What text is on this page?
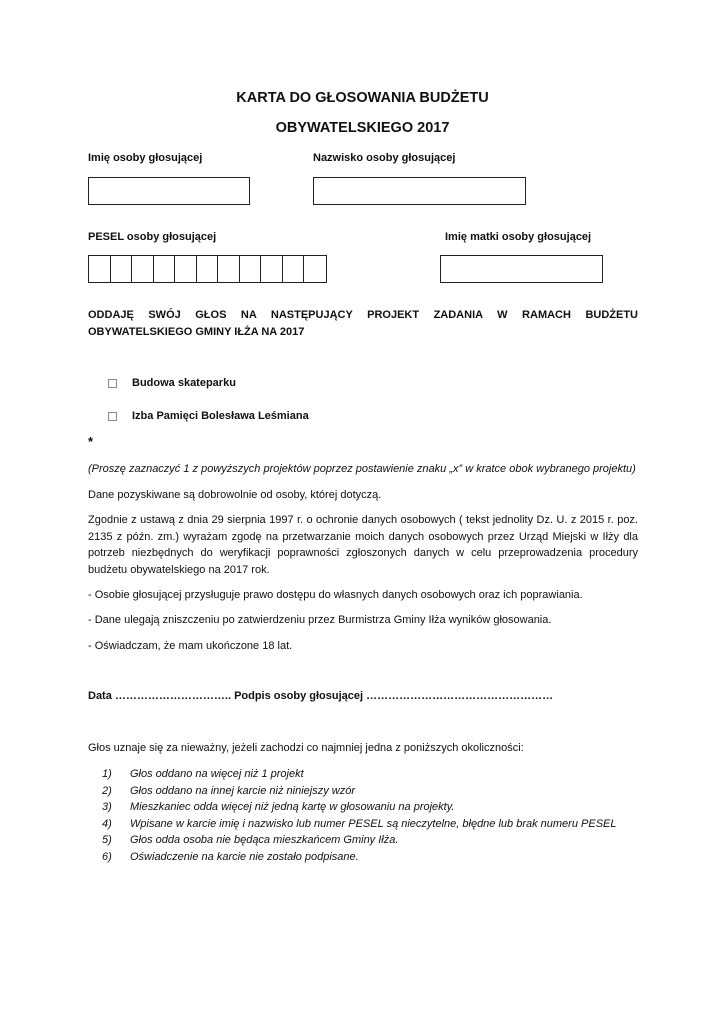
KARTA DO GŁOSOWANIA BUDŻETU
OBYWATELSKIEGO 2017
Imię osoby głosującej	Nazwisko osoby głosującej
PESEL osoby głosującej	Imię matki osoby głosującej
ODDAJĘ SWÓJ GŁOS NA NASTĘPUJĄCY PROJEKT ZADANIA W RAMACH BUDŻETU OBYWATELSKIEGO GMINY IŁŻA NA 2017
Budowa skateparku
Izba Pamięci Bolesława Leśmiana
*
(Proszę zaznaczyć 1 z powyższych projektów poprzez postawienie znaku „x” w kratce obok wybranego projektu)
Dane pozyskiwane są dobrowolnie od osoby, której dotyczą.
Zgodnie z ustawą z dnia 29 sierpnia 1997 r. o ochronie danych osobowych ( tekst jednolity Dz. U. z 2015 r. poz. 2135 z późn. zm.) wyrażam zgodę na przetwarzanie moich danych osobowych przez Urząd Miejski w Iłży dla potrzeb niezbędnych do weryfikacji poprawności zgłoszonych danych w celu przeprowadzenia procedury budżetu obywatelskiego na 2017 rok.
- Osobie głosującej przysługuje prawo dostępu do własnych danych osobowych oraz ich poprawiania.
- Dane ulegają zniszczeniu po zatwierdzeniu przez Burmistrza Gminy Iłża wyników głosowania.
- Oświadczam, że mam ukończone 18 lat.
Data ………………………….. Podpis osoby głosującej ……………………………………………
Głos uznaje się za nieważny, jeżeli zachodzi co najmniej jedna z poniższych okoliczności:
1)	Głos oddano na więcej niż 1 projekt
2)	Głos oddano na innej karcie niż niniejszy wzór
3)	Mieszkaniec odda więcej niż jedną kartę w głosowaniu na projekty.
4)	Wpisane w karcie imię i nazwisko lub numer PESEL są nieczytelne, błędne lub brak numeru PESEL
5)	Głos odda osoba nie będąca mieszkańcem Gminy Iłża.
6)	Oświadczenie na karcie nie zostało podpisane.
